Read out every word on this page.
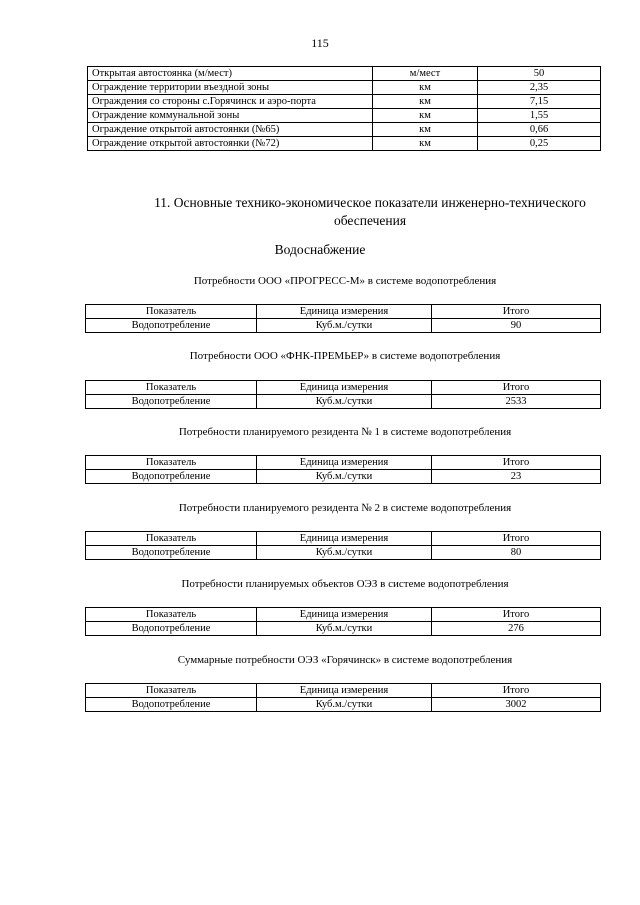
115
Открытая автостоянка (м/мест)	м/мест	50
Ограждение территории въездной зоны	км	2,35
Ограждения со стороны с.Горячинск и аэро-порта	км	7,15
Ограждение коммунальной зоны	км	1,55
Ограждение открытой автостоянки (№65)	км	0,66
Ограждение открытой автостоянки (№72)	км	0,25
11. Основные технико-экономическое показатели инженерно-технического обеспечения
Водоснабжение
Потребности ООО «ПРОГРЕСС-М» в системе водопотребления
Показатель	Единица измерения	Итого
Водопотребление	Куб.м./сутки	90
Потребности ООО «ФНК-ПРЕМЬЕР» в системе водопотребления
Показатель	Единица измерения	Итого
Водопотребление	Куб.м./сутки	2533
Потребности планируемого резидента № 1 в системе водопотребления
Показатель	Единица измерения	Итого
Водопотребление	Куб.м./сутки	23
Потребности планируемого резидента № 2 в системе водопотребления
Показатель	Единица измерения	Итого
Водопотребление	Куб.м./сутки	80
Потребности планируемых объектов ОЭЗ в системе водопотребления
Показатель	Единица измерения	Итого
Водопотребление	Куб.м./сутки	276
Суммарные потребности ОЭЗ «Горячинск» в системе водопотребления
Показатель	Единица измерения	Итого
Водопотребление	Куб.м./сутки	3002
